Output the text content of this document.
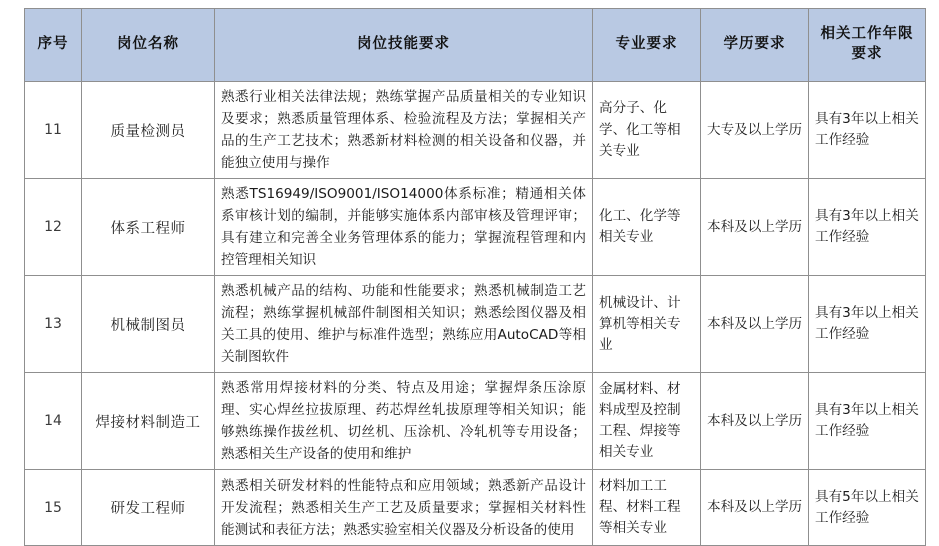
序号	岗位名称	岗位技能要求	专业要求	学历要求	相关工作年限要求
11	质量检测员	熟悉行业相关法律法规；熟练掌握产品质量相关的专业知识及要求；熟悉质量管理体系、检验流程及方法；掌握相关产品的生产工艺技术；熟悉新材料检测的相关设备和仪器，并能独立使用与操作	高分子、化学、化工等相关专业	大专及以上学历	具有3年以上相关工作经验
12	体系工程师	熟悉TS16949/ISO9001/ISO14000体系标准；精通相关体系审核计划的编制，并能够实施体系内部审核及管理评审；具有建立和完善全业务管理体系的能力；掌握流程管理和内控管理相关知识	化工、化学等相关专业	本科及以上学历	具有3年以上相关工作经验
13	机械制图员	熟悉机械产品的结构、功能和性能要求；熟悉机械制造工艺流程；熟练掌握机械部件制图相关知识；熟悉绘图仪器及相关工具的使用、维护与标准件选型；熟练应用AutoCAD等相关制图软件	机械设计、计算机等相关专业	本科及以上学历	具有3年以上相关工作经验
14	焊接材料制造工	熟悉常用焊接材料的分类、特点及用途；掌握焊条压涂原理、实心焊丝拉拔原理、药芯焊丝轧拔原理等相关知识；能够熟练操作拔丝机、切丝机、压涂机、冷轧机等专用设备；熟悉相关生产设备的使用和维护	金属材料、材料成型及控制工程、焊接等相关专业	本科及以上学历	具有3年以上相关工作经验
15	研发工程师	熟悉相关研发材料的性能特点和应用领域；熟悉新产品设计开发流程；熟悉相关生产工艺及质量要求；掌握相关材料性能测试和表征方法；熟悉实验室相关仪器及分析设备的使用	材料加工工程、材料工程等相关专业	本科及以上学历	具有5年以上相关工作经验
